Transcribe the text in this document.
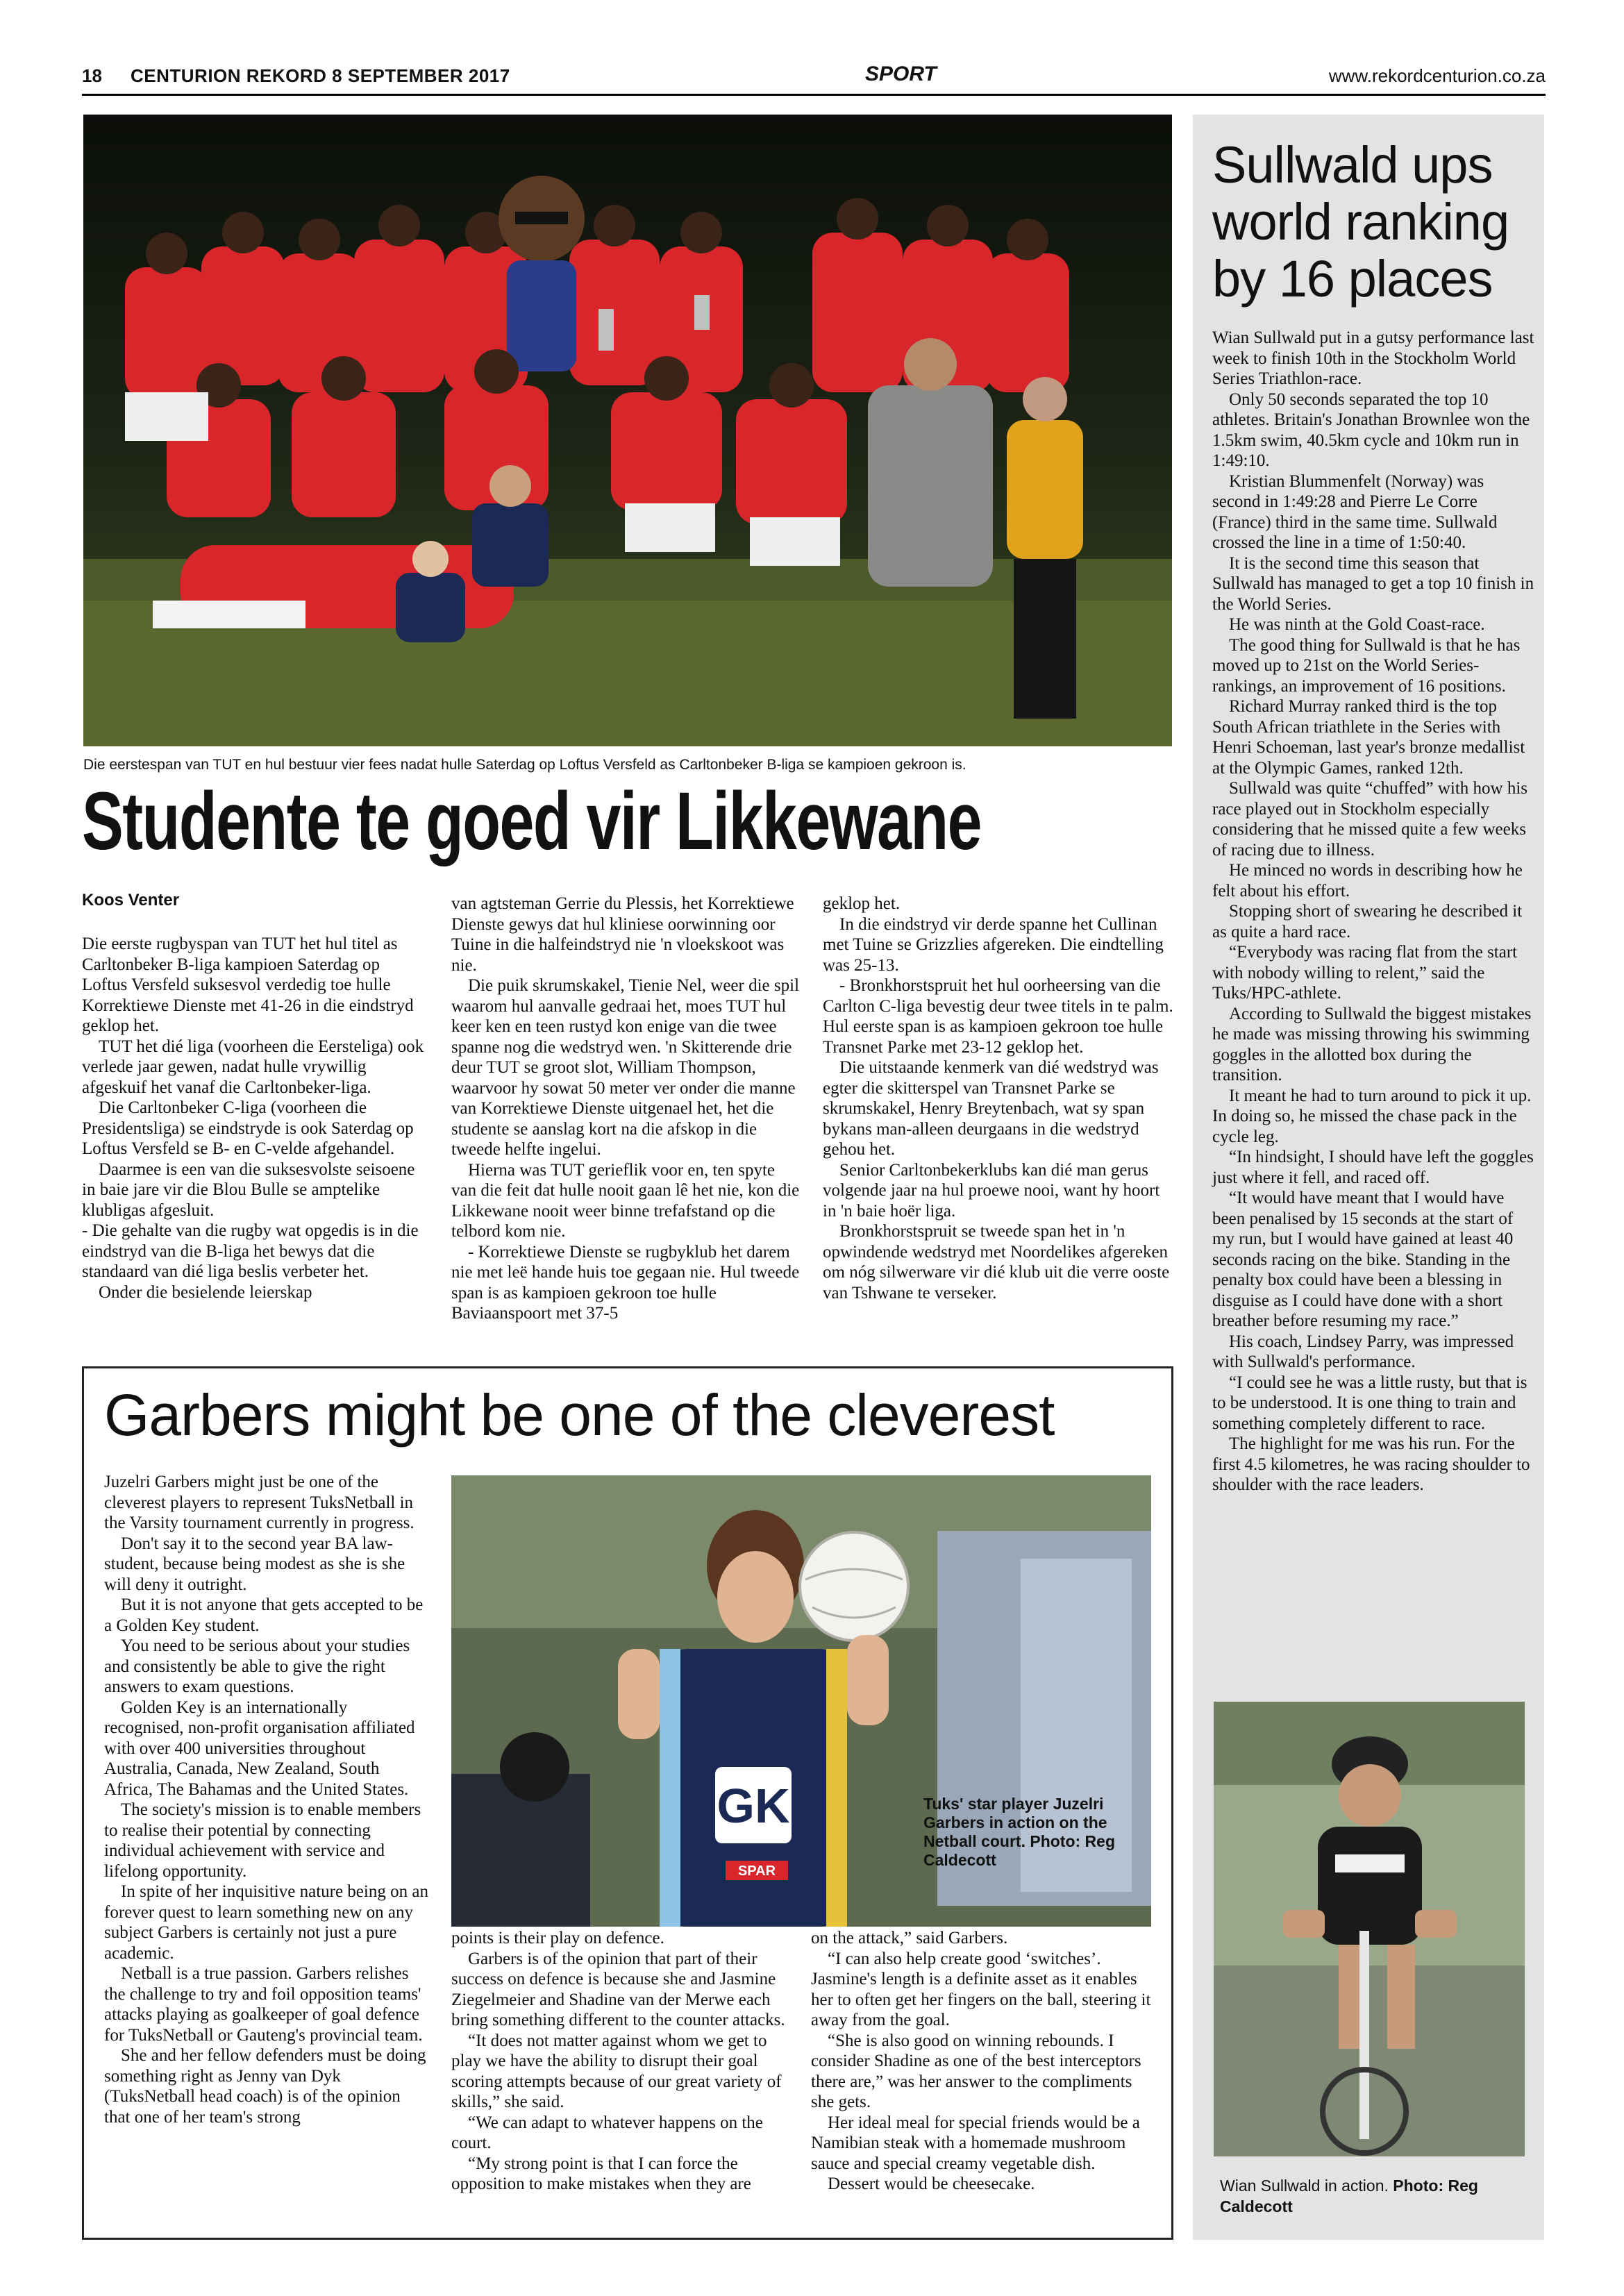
18 CENTURION REKORD 8 SEPTEMBER 2017	SPORT	www.rekordcenturion.co.za
Die eerstespan van TUT en hul bestuur vier fees nadat hulle Saterdag op Loftus Versfeld as Carltonbeker B-liga se kampioen gekroon is.
Studente te goed vir Likkewane
Koos Venter

Die eerste rugbyspan van TUT het hul titel as Carltonbeker B-liga kampioen Saterdag op Loftus Versfeld suksesvol verdedig toe hulle Korrektiewe Dienste met 41-26 in die eindstryd geklop het.

TUT het dié liga (voorheen die Eersteliga) ook verlede jaar gewen, nadat hulle vrywillig afgeskuif het vanaf die Carltonbeker-liga.

Die Carltonbeker C-liga (voorheen die Presidentsliga) se eindstryde is ook Saterdag op Loftus Versfeld se B- en C-velde afgehandel.

Daarmee is een van die suksesvolste seisoene in baie jare vir die Blou Bulle se amptelike klubligas afgesluit.

- Die gehalte van die rugby wat opgedis is in die eindstryd van die B-liga het bewys dat die standaard van dié liga beslis verbeter het.

Onder die besielende leierskap

van agtsteman Gerrie du Plessis, het Korrektiewe Dienste gewys dat hul kliniese oorwinning oor Tuine in die halfeindstryd nie 'n vloekskoot was nie.

Die puik skrumskakel, Tienie Nel, weer die spil waarom hul aanvalle gedraai het, moes TUT hul keer ken en teen rustyd kon enige van die twee spanne nog die wedstryd wen. 'n Skitterende drie deur TUT se groot slot, William Thompson, waarvoor hy sowat 50 meter ver onder die manne van Korrektiewe Dienste uitgenael het, het die studente se aanslag kort na die afskop in die tweede helfte ingelui.

Hierna was TUT gerieflik voor en, ten spyte van die feit dat hulle nooit gaan lê het nie, kon die Likkewane nooit weer binne trefafstand op die telbord kom nie.

- Korrektiewe Dienste se rugbyklub het darem nie met leë hande huis toe gegaan nie. Hul tweede span is as kampioen gekroon toe hulle Baviaanspoort met 37-5

geklop het.

In die eindstryd vir derde spanne het Cullinan met Tuine se Grizzlies afgereken. Die eindtelling was 25-13.

- Bronkhorstspruit het hul oorheersing van die Carlton C-liga bevestig deur twee titels in te palm. Hul eerste span is as kampioen gekroon toe hulle Transnet Parke met 23-12 geklop het.

Die uitstaande kenmerk van dié wedstryd was egter die skitterspel van Transnet Parke se skrumskakel, Henry Breytenbach, wat sy span bykans man-alleen deurgaans in die wedstryd gehou het.

Senior Carltonbekerklubs kan dié man gerus volgende jaar na hul proewe nooi, want hy hoort in 'n baie hoër liga.

Bronkhorstspruit se tweede span het in 'n opwindende wedstryd met Noordelikes afgereken om nóg silwerware vir dié klub uit die verre ooste van Tshwane te verseker.

Sullwald ups world ranking by 16 places

Wian Sullwald put in a gutsy performance last week to finish 10th in the Stockholm World Series Triathlon-race.

Only 50 seconds separated the top 10 athletes. Britain's Jonathan Brownlee won the 1.5km swim, 40.5km cycle and 10km run in 1:49:10.

Kristian Blummenfelt (Norway) was second in 1:49:28 and Pierre Le Corre (France) third in the same time. Sullwald crossed the line in a time of 1:50:40.

It is the second time this season that Sullwald has managed to get a top 10 finish in the World Series.

He was ninth at the Gold Coast-race.

The good thing for Sullwald is that he has moved up to 21st on the World Series-rankings, an improvement of 16 positions.

Richard Murray ranked third is the top South African triathlete in the Series with Henri Schoeman, last year's bronze medallist at the Olympic Games, ranked 12th.

Sullwald was quite “chuffed” with how his race played out in Stockholm especially considering that he missed quite a few weeks of racing due to illness.

He minced no words in describing how he felt about his effort.

Stopping short of swearing he described it as quite a hard race.

“Everybody was racing flat from the start with nobody willing to relent,” said the Tuks/HPC-athlete.

According to Sullwald the biggest mistakes he made was missing throwing his swimming goggles in the allotted box during the transition.

It meant he had to turn around to pick it up. In doing so, he missed the chase pack in the cycle leg.

“In hindsight, I should have left the goggles just where it fell, and raced off.

“It would have meant that I would have been penalised by 15 seconds at the start of my run, but I would have gained at least 40 seconds racing on the bike. Standing in the penalty box could have been a blessing in disguise as I could have done with a short breather before resuming my race.”

His coach, Lindsey Parry, was impressed with Sullwald's performance.

“I could see he was a little rusty, but that is to be understood. It is one thing to train and something completely different to race.

The highlight for me was his run. For the first 4.5 kilometres, he was racing shoulder to shoulder with the race leaders.

Wian Sullwald in action. Photo: Reg Caldecott
Garbers might be one of the cleverest
GK
SPAR
Tuks' star player Juzelri Garbers in action on the Netball court. Photo: Reg Caldecott

Juzelri Garbers might just be one of the cleverest players to represent TuksNetball in the Varsity tournament currently in progress.

Don't say it to the second year BA law-student, because being modest as she is she will deny it outright.

But it is not anyone that gets accepted to be a Golden Key student.

You need to be serious about your studies and consistently be able to give the right answers to exam questions.

Golden Key is an internationally recognised, non-profit organisation affiliated with over 400 universities throughout Australia, Canada, New Zealand, South Africa, The Bahamas and the United States.

The society's mission is to enable members to realise their potential by connecting individual achievement with service and lifelong opportunity.

In spite of her inquisitive nature being on an forever quest to learn something new on any subject Garbers is certainly not just a pure academic.

Netball is a true passion. Garbers relishes the challenge to try and foil opposition teams' attacks playing as goalkeeper of goal defence for TuksNetball or Gauteng's provincial team.

She and her fellow defenders must be doing something right as Jenny van Dyk (TuksNetball head coach) is of the opinion that one of her team's strong

points is their play on defence.

Garbers is of the opinion that part of their success on defence is because she and Jasmine Ziegelmeier and Shadine van der Merwe each bring something different to the counter attacks.

“It does not matter against whom we get to play we have the ability to disrupt their goal scoring attempts because of our great variety of skills,” she said.

“We can adapt to whatever happens on the court.

“My strong point is that I can force the opposition to make mistakes when they are

on the attack,” said Garbers.

“I can also help create good ‘switches’. Jasmine's length is a definite asset as it enables her to often get her fingers on the ball, steering it away from the goal.

“She is also good on winning rebounds. I consider Shadine as one of the best interceptors there are,” was her answer to the compliments she gets.

Her ideal meal for special friends would be a Namibian steak with a homemade mushroom sauce and special creamy vegetable dish.

Dessert would be cheesecake.
